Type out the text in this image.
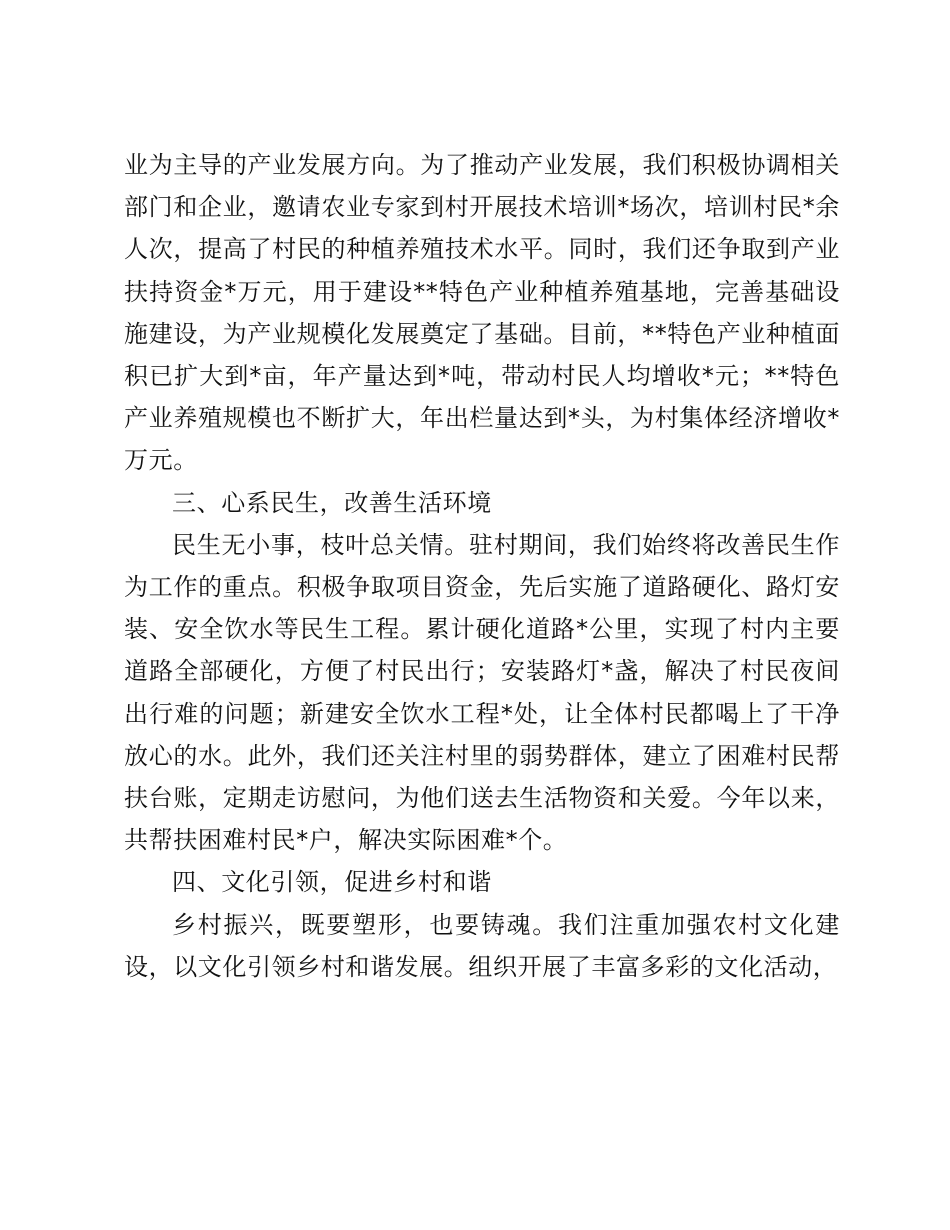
业为主导的产业发展方向。为了推动产业发展，我们积极协调相关部门和企业，邀请农业专家到村开展技术培训*场次，培训村民*余人次，提高了村民的种植养殖技术水平。同时，我们还争取到产业扶持资金*万元，用于建设**特色产业种植养殖基地，完善基础设施建设，为产业规模化发展奠定了基础。目前，**特色产业种植面积已扩大到*亩，年产量达到*吨，带动村民人均增收*元；**特色产业养殖规模也不断扩大，年出栏量达到*头，为村集体经济增收*万元。

三、心系民生，改善生活环境

民生无小事，枝叶总关情。驻村期间，我们始终将改善民生作为工作的重点。积极争取项目资金，先后实施了道路硬化、路灯安装、安全饮水等民生工程。累计硬化道路*公里，实现了村内主要道路全部硬化，方便了村民出行；安装路灯*盏，解决了村民夜间出行难的问题；新建安全饮水工程*处，让全体村民都喝上了干净放心的水。此外，我们还关注村里的弱势群体，建立了困难村民帮扶台账，定期走访慰问，为他们送去生活物资和关爱。今年以来，共帮扶困难村民*户，解决实际困难*个。

四、文化引领，促进乡村和谐

乡村振兴，既要塑形，也要铸魂。我们注重加强农村文化建设，以文化引领乡村和谐发展。组织开展了丰富多彩的文化活动，
